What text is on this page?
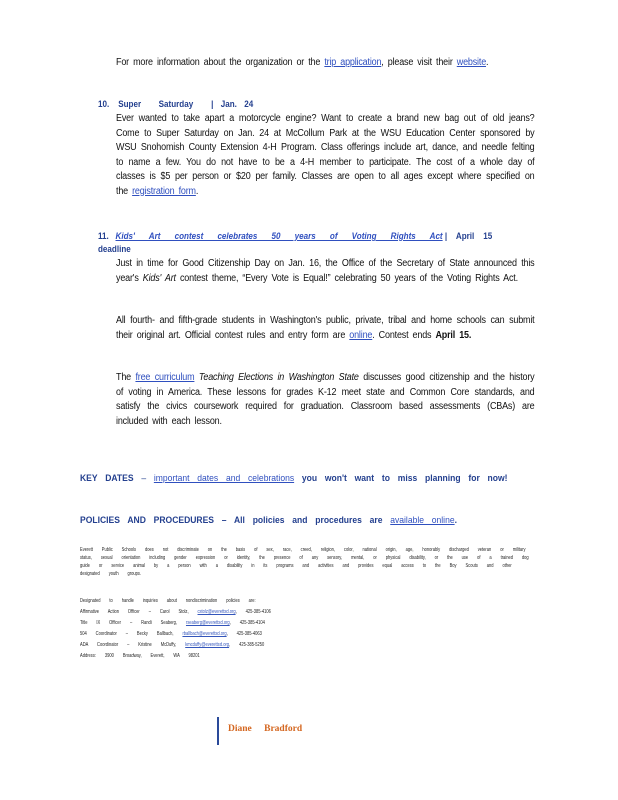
For more information about the organization or the trip application, please visit their website.
10. Super Saturday | Jan. 24
Ever wanted to take apart a motorcycle engine? Want to create a brand new bag out of old jeans? Come to Super Saturday on Jan. 24 at McCollum Park at the WSU Education Center sponsored by WSU Snohomish County Extension 4-H Program. Class offerings include art, dance, and needle felting to name a few. You do not have to be a 4-H member to participate. The cost of a whole day of classes is $5 per person or $20 per family. Classes are open to all ages except where specified on the registration form.
11. Kids' Art contest celebrates 50 years of Voting Rights Act | April 15 deadline
Just in time for Good Citizenship Day on Jan. 16, the Office of the Secretary of State announced this year's Kids' Art contest theme, “Every Vote is Equal!” celebrating 50 years of the Voting Rights Act.
All fourth- and fifth-grade students in Washington's public, private, tribal and home schools can submit their original art. Official contest rules and entry form are online. Contest ends April 15.
The free curriculum Teaching Elections in Washington State discusses good citizenship and the history of voting in America. These lessons for grades K-12 meet state and Common Core standards, and satisfy the civics coursework required for graduation. Classroom based assessments (CBAs) are included with each lesson.
KEY DATES – important dates and celebrations you won't want to miss planning for now!
POLICIES AND PROCEDURES – All policies and procedures are available online.
Everett Public Schools does not discriminate on the basis of sex, race, creed, religion, color, national origin, age, honorably discharged veteran or military status, sexual orientation including gender expression or identity, the presence of any sensory, mental, or physical disability, or the use of a trained dog guide or service animal by a person with a disability in its programs and activities and provides equal access to the Boy Scouts and other designated youth groups.
Designated to handle inquiries about nondiscrimination policies are:
Affirmative Action Officer – Carol Stolz, cstolz@everettsd.org, 425-385-4106
Title IX Officer – Randi Seaberg, rseaberg@everettsd.org, 425-385-4104
504 Coordinator – Becky Ballbach, rballbach@everettsd.org, 425-385-4063
ADA Coordinator – Kristine McDuffy, kmcduffy@everettsd.org, 425-385-5250
Address: 3900 Broadway, Everett, WA 98201
Diane Bradford
